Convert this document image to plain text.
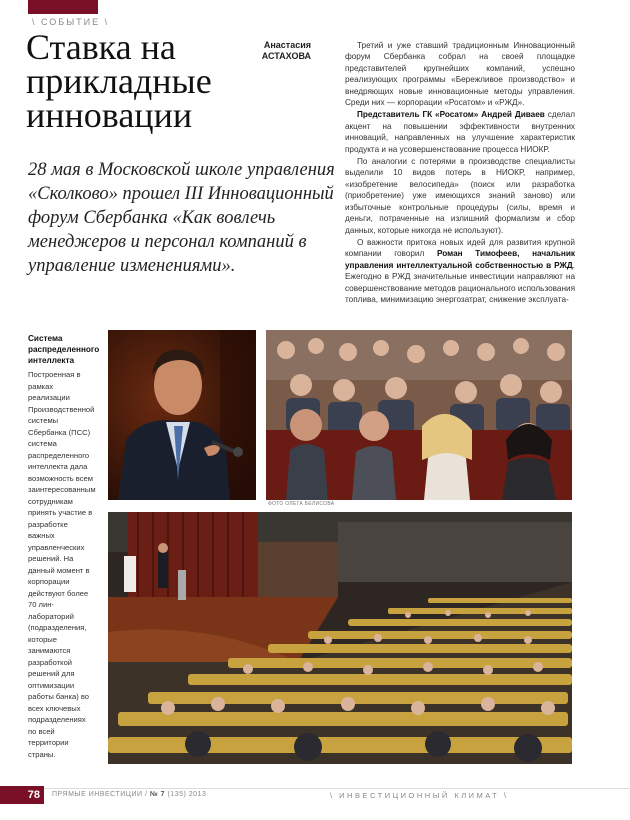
\ СОБЫТИЕ \
Ставка на прикладные инновации
Анастасия
АСТАХОВА

28 мая в Московской школе управления «Сколково» прошел III Инновационный форум Сбербанка «Как вовлечь менеджеров и персонал компаний в управление изменениями».

Третий и уже ставший традиционным Инновационный форум Сбербанка собрал на своей площадке представителей крупнейших компаний, успешно реализующих программы «Бережливое производство» и внедряющих новые инновационные методы управления. Среди них — корпорации «Росатом» и «РЖД».

Представитель ГК «Росатом» Андрей Диваев сделал акцент на повышении эффективности внутренних инноваций, направленных на улучшение характеристик продукта и на усовершенствование процесса НИОКР.

По аналогии с потерями в производстве специалисты выделили 10 видов потерь в НИОКР, например, «изобретение велосипеда» (поиск или разработка (приобретение) уже имеющихся знаний заново) или избыточные контрольные процедуры (силы, время и деньги, потраченные на излишний формализм и сбор данных, которые никогда не используют).

О важности притока новых идей для развития крупной компании говорил Роман Тимофеев, начальник управления интеллектуальной собственностью в РЖД. Ежегодно в РЖД значительные инвестиции направляют на совершенствование методов рационального использования топлива, минимизацию энергозатрат, снижение эксплуата-

Система распределенного интеллекта
Построенная в рамках реализации Производственной системы Сбербанка (ПСС) система распределенного интеллекта дала возможность всем заинтересованным сотрудникам принять участие в разработке важных управленческих решений. На данный момент в корпорации действуют более 70 лин-лабораторий (подразделения, которые занимаются разработкой решений для оптимизации работы банка) во всех ключевых подразделениях по всей территории страны.
ФОТО ОЛЕГА БЕЛИСОВА
78	ПРЯМЫЕ ИНВЕСТИЦИИ / № 7 (135) 2013	\ ИНВЕСТИЦИОННЫЙ КЛИМАТ \
